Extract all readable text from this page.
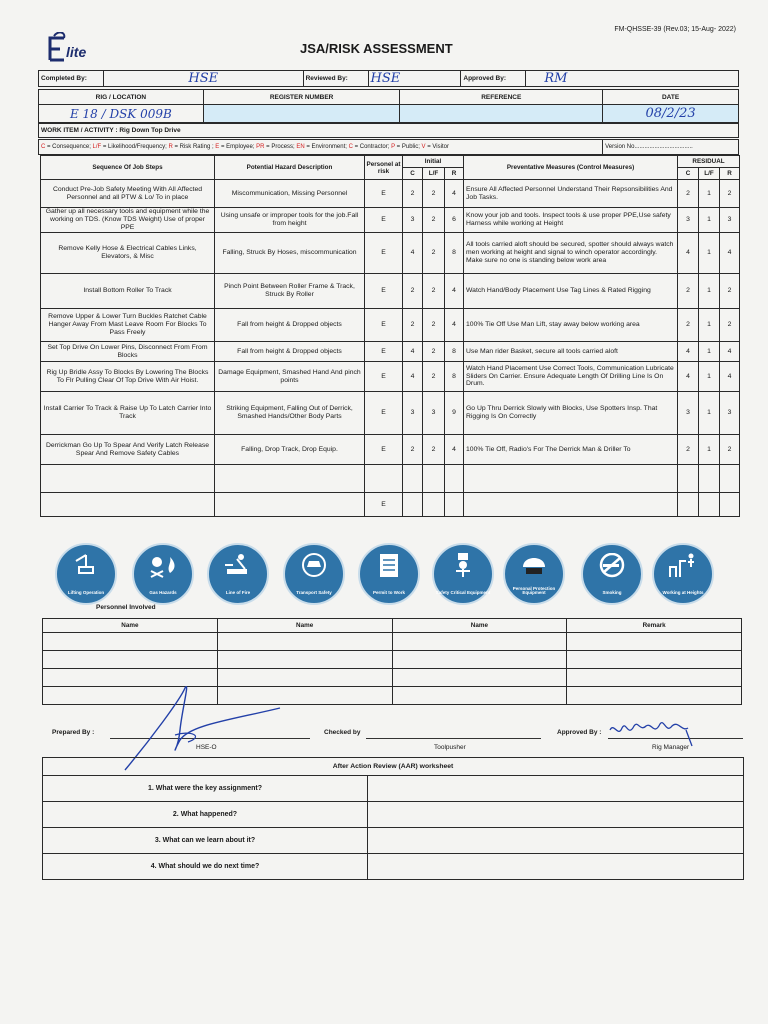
FM-QHSSE-39 (Rev.03; 15-Aug- 2022)
lite	JSA/RISK ASSESSMENT
Completed By:	HSE	Reviewed By:	HSE	Approved By:	RM
RIG / LOCATION	REGISTER NUMBER	REFERENCE	DATE
E 18 / DSK 009B			08/2/23
WORK ITEM / ACTIVITY : Rig Down Top Drive
C = Consequence; L/F = Likelihood/Frequency; R = Risk Rating ; E = Employee; PR = Process; EN = Environment; C = Contractor; P = Public; V = Visitor	Version No...................................
Sequence Of Job Steps	Potential Hazard Description	Personel at risk	Initial			Preventative Measures (Control Measures)	RESIDUAL		
			C	L/F	R		C	L/F	R
Conduct Pre-Job Safety Meeting With All Affected Personnel and all PTW & Lo/ To in place	Miscommunication, Missing Personnel	E	2	2	4	Ensure All Affected Personnel Understand Their Repsonsibilities And Job Tasks.	2	1	2
Gather up all necessary tools and equipment while the working on TDS. (Know TDS Weight) Use of proper PPE	Using unsafe or improper tools for the job.Fall from height	E	3	2	6	Know your job and tools. Inspect tools & use proper PPE,Use safety Harness while working at Height	3	1	3
Remove Kelly Hose & Electrical Cables Links, Elevators, & Misc	Falling, Struck By Hoses, miscommunication	E	4	2	8	All tools carried aloft should be secured, spotter should always watch men working at height and signal to winch operator accordingly. Make sure no one is standing below work area	4	1	4
Install Bottom Roller To Track	Pinch Point Between Roller Frame & Track, Struck By Roller	E	2	2	4	Watch Hand/Body Placement Use Tag Lines & Rated Rigging	2	1	2
Remove Upper & Lower Turn Buckles Ratchet Cable Hanger Away From Mast Leave Room For Blocks To Pass Freely	Fall from height & Dropped objects	E	2	2	4	100% Tie Off Use Man Lift, stay away below working area	2	1	2
Set Top Drive On Lower Pins, Disconnect From From Blocks	Fall from height & Dropped objects	E	4	2	8	Use Man rider Basket, secure all tools carried aloft	4	1	4
Rig Up Bridle Assy To Blocks By Lowering The Blocks To Flr Pulling Clear Of Top Drive With Air Hoist.	Damage Equipment, Smashed Hand And pinch points	E	4	2	8	Watch Hand Placement Use Correct Tools, Communication Lubricate Sliders On Carrier. Ensure Adequate Length Of Drilling Line Is On Drum.	4	1	4
Install Carrier To Track & Raise Up To Latch Carrier Into Track	Striking Equipment, Falling Out of Derrick, Smashed Hands/Other Body Parts	E	3	3	9	Go Up Thru Derrick Slowly with Blocks, Use Spotters Insp. That Rigging Is On Correctly	3	1	3
Derrickman Go Up To Spear And Verify Latch Release Spear And Remove Safety Cables	Falling, Drop Track, Drop Equip.	E	2	2	4	100% Tie Off, Radio's For The Derrick Man & Driller To	2	1	2

		E							
Lifting Operation	Gas Hazards	Line of Fire	Transport Safety	Permit to Work	Safety Critical Equipment
Personal Protection Equipment	Smoking	Working at Heights
Personnel Involved
Name	Name	Name	Remark

Prepared By :
HSE-O
Checked by
Toolpusher
Approved By :
Rig Manager
After Action Review (AAR) worksheet	
1. What were the key assignment?	
2. What happened?	
3. What can we learn about it?	
4. What should we do next time?	
